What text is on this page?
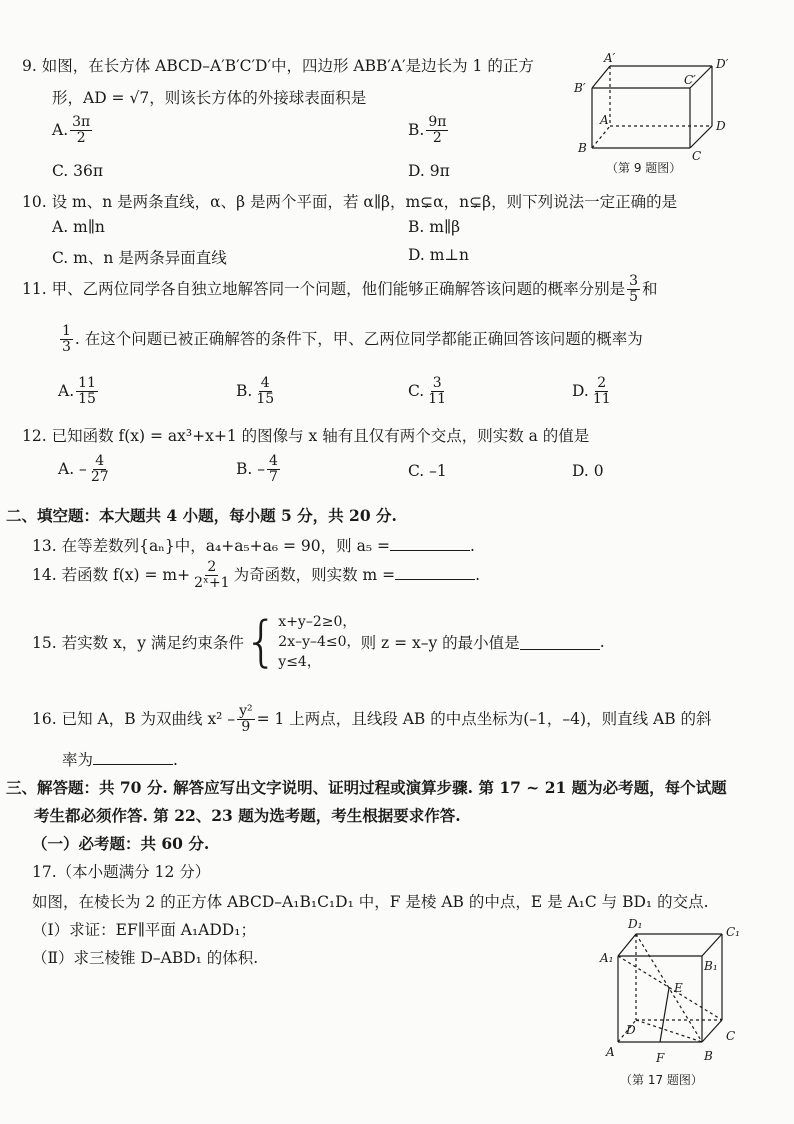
9. 如图，在长方体 ABCD–A′B′C′D′中，四边形 ABB′A′是边长为 1 的正方
形，AD = √7，则该长方体的外接球表面积是
A. $\frac{3\pi}{2}$	B. $\frac{9\pi}{2}$
C. 36π	D. 9π
A′	D′
C′
B′
A	D
B
C
（第 9 题图）
10. 设 m、n 是两条直线，α、β 是两个平面，若 α∥β，m⊊α，n⊊β，则下列说法一定正确的是
A. m∥n	B. m∥β
C. m、n 是两条异面直线	D. m⊥n
11. 甲、乙两位同学各自独立地解答同一个问题，他们能够正确解答该问题的概率分别是 $\frac{3}{5}$ 和
$\frac{1}{3}$ . 在这个问题已被正确解答的条件下，甲、乙两位同学都能正确回答该问题的概率为
A. $\frac{11}{15}$	B. $\frac{4}{15}$	C. $\frac{3}{11}$	D. $\frac{2}{11}$
12. 已知函数 f(x) = ax³+x+1 的图像与 x 轴有且仅有两个交点，则实数 a 的值是
A. – $\frac{4}{27}$	B. – $\frac{4}{7}$	C. –1	D. 0
二、填空题：本大题共 4 小题，每小题 5 分，共 20 分.
13. 在等差数列{aₙ}中，a₄+a₅+a₆ = 90，则 a₅ =	.
14. 若函数 $f(x) = m+ \frac{2}{\text{2ˣ+1}}$ 为奇函数，则实数 m =	.
15. 若实数 x，y 满足约束条件 { x+y–2≥0，
2x–y–4≤0，
y≤4，
则 z = x–y 的最小值是	.
16. 已知 A，B 为双曲线 $x^2 - \frac{\text{y²}}{9} = 1$ 上两点，且线段 AB 的中点坐标为(–1，–4)，则直线 AB 的斜
率为	.
三、解答题：共 70 分. 解答应写出文字说明、证明过程或演算步骤. 第 17 ~ 21 题为必考题，每个试题
考生都必须作答. 第 22、23 题为选考题，考生根据要求作答.
（一）必考题：共 60 分.
17.（本小题满分 12 分）
如图，在棱长为 2 的正方体 ABCD–A₁B₁C₁D₁ 中，F 是棱 AB 的中点，E 是 A₁C 与 BD₁ 的交点.
（Ⅰ）求证：EF∥平面 A₁ADD₁；
（Ⅱ）求三棱锥 D–ABD₁ 的体积.
D₁
C₁
A₁
B₁
E
D	C
A	F	B
（第 17 题图）
